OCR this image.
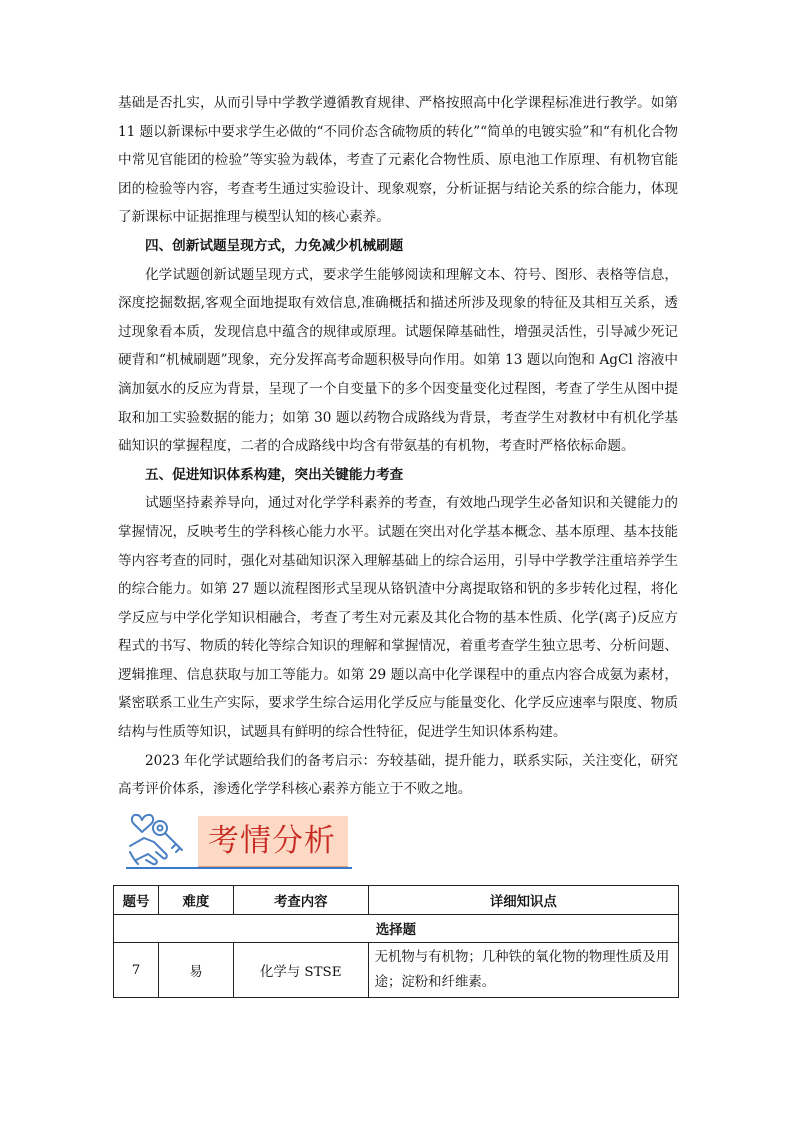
基础是否扎实，从而引导中学教学遵循教育规律、严格按照高中化学课程标准进行教学。如第 11 题以新课标中要求学生必做的“不同价态含硫物质的转化”“简单的电镀实验”和“有机化合物中常见官能团的检验”等实验为载体，考查了元素化合物性质、原电池工作原理、有机物官能团的检验等内容，考查考生通过实验设计、现象观察，分析证据与结论关系的综合能力，体现了新课标中证据推理与模型认知的核心素养。

四、创新试题呈现方式，力免减少机械刷题

化学试题创新试题呈现方式，要求学生能够阅读和理解文本、符号、图形、表格等信息，深度挖掘数据,客观全面地提取有效信息,准确概括和描述所涉及现象的特征及其相互关系，透过现象看本质，发现信息中蕴含的规律或原理。试题保障基础性，增强灵活性，引导减少死记硬背和“机械刷题”现象，充分发挥高考命题积极导向作用。如第 13 题以向饱和 AgCl 溶液中滴加氨水的反应为背景，呈现了一个自变量下的多个因变量变化过程图，考查了学生从图中提取和加工实验数据的能力；如第 30 题以药物合成路线为背景，考查学生对教材中有机化学基础知识的掌握程度，二者的合成路线中均含有带氨基的有机物，考查时严格依标命题。

五、促进知识体系构建，突出关键能力考查

试题坚持素养导向，通过对化学学科素养的考查，有效地凸现学生必备知识和关键能力的掌握情况，反映考生的学科核心能力水平。试题在突出对化学基本概念、基本原理、基本技能等内容考查的同时，强化对基础知识深入理解基础上的综合运用，引导中学教学注重培养学生的综合能力。如第 27 题以流程图形式呈现从铬钒渣中分离提取铬和钒的多步转化过程，将化学反应与中学化学知识相融合，考查了考生对元素及其化合物的基本性质、化学(离子)反应方程式的书写、物质的转化等综合知识的理解和掌握情况，着重考查学生独立思考、分析问题、逻辑推理、信息获取与加工等能力。如第 29 题以高中化学课程中的重点内容合成氨为素材，紧密联系工业生产实际，要求学生综合运用化学反应与能量变化、化学反应速率与限度、物质结构与性质等知识，试题具有鲜明的综合性特征，促进学生知识体系构建。

2023 年化学试题给我们的备考启示：夯较基础，提升能力，联系实际，关注变化，研究高考评价体系，渗透化学学科核心素养方能立于不败之地。

考情分析
题号	难度	考查内容	详细知识点
选择题			
7	易	化学与 STSE	无机物与有机物；几种铁的氧化物的物理性质及用途；淀粉和纤维素。
